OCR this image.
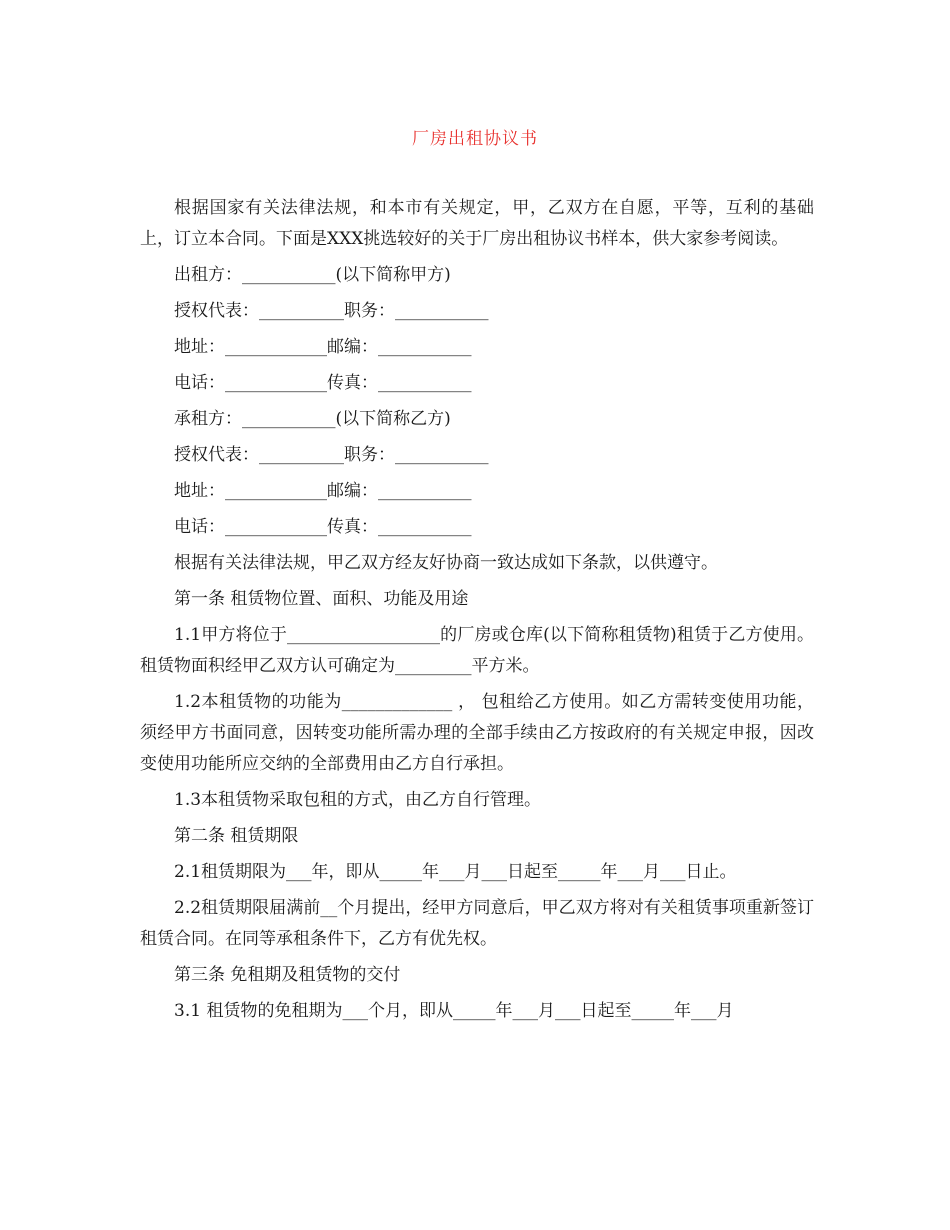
厂房出租协议书

根据国家有关法律法规，和本市有关规定，甲，乙双方在自愿，平等，互利的基础上，订立本合同。下面是XXX挑选较好的关于厂房出租协议书样本，供大家参考阅读。

出租方：___________(以下简称甲方)

授权代表：__________职务：___________

地址：____________邮编：___________

电话：____________传真：___________

承租方：___________(以下简称乙方)

授权代表：__________职务：___________

地址：____________邮编：___________

电话：____________传真：___________

根据有关法律法规，甲乙双方经友好协商一致达成如下条款，以供遵守。

第一条 租赁物位置、面积、功能及用途

1.1甲方将位于__________________的厂房或仓库(以下简称租赁物)租赁于乙方使用。租赁物面积经甲乙双方认可确定为_________平方米。

1.2本租赁物的功能为_____________ ， 包租给乙方使用。如乙方需转变使用功能，须经甲方书面同意，因转变功能所需办理的全部手续由乙方按政府的有关规定申报，因改变使用功能所应交纳的全部费用由乙方自行承担。

1.3本租赁物采取包租的方式，由乙方自行管理。

第二条 租赁期限

2.1租赁期限为___年，即从_____年___月___日起至_____年___月___日止。

2.2租赁期限届满前__个月提出，经甲方同意后，甲乙双方将对有关租赁事项重新签订租赁合同。在同等承租条件下，乙方有优先权。

第三条 免租期及租赁物的交付

3.1 租赁物的免租期为___个月，即从_____年___月___日起至_____年___月
